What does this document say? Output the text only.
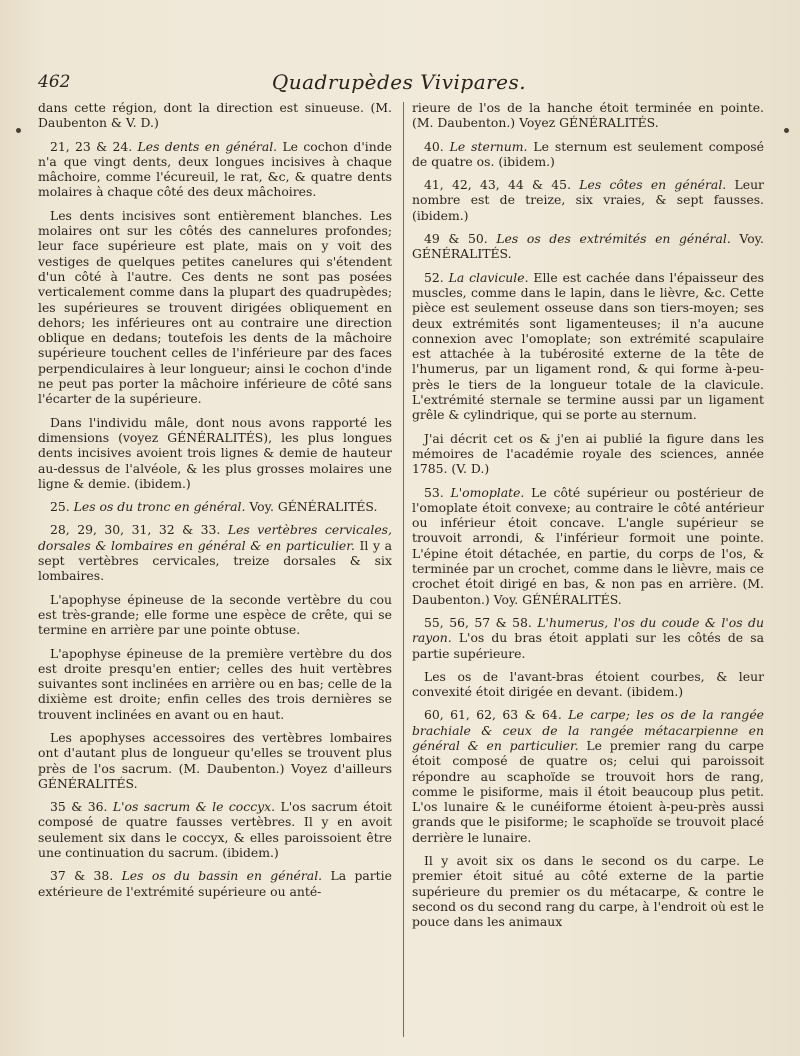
462	Quadrupèdes Vivipares.

dans cette région, dont la direction est sinueuse. (M. Daubenton & V. D.)

21, 23 & 24. Les dents en général. Le cochon d'inde n'a que vingt dents, deux longues incisives à chaque mâchoire, comme l'écureuil, le rat, &c, & quatre dents molaires à chaque côté des deux mâchoires.

Les dents incisives sont entièrement blanches. Les molaires ont sur les côtés des cannelures profondes; leur face supérieure est plate, mais on y voit des vestiges de quelques petites canelures qui s'étendent d'un côté à l'autre. Ces dents ne sont pas posées verticalement comme dans la plupart des quadrupèdes; les supérieures se trouvent dirigées obliquement en dehors; les inférieures ont au contraire une direction oblique en dedans; toutefois les dents de la mâchoire supérieure touchent celles de l'inférieure par des faces perpendiculaires à leur longueur; ainsi le cochon d'inde ne peut pas porter la mâchoire inférieure de côté sans l'écarter de la supérieure.

Dans l'individu mâle, dont nous avons rapporté les dimensions (voyez GÉNÉRALITÉS), les plus longues dents incisives avoient trois lignes & demie de hauteur au-dessus de l'alvéole, & les plus grosses molaires une ligne & demie. (ibidem.)

25. Les os du tronc en général. Voy. GÉNÉRALITÉS.

28, 29, 30, 31, 32 & 33. Les vertèbres cervicales, dorsales & lombaires en général & en particulier. Il y a sept vertèbres cervicales, treize dorsales & six lombaires.

L'apophyse épineuse de la seconde vertèbre du cou est très-grande; elle forme une espèce de crête, qui se termine en arrière par une pointe obtuse.

L'apophyse épineuse de la première vertèbre du dos est droite presqu'en entier; celles des huit vertèbres suivantes sont inclinées en arrière ou en bas; celle de la dixième est droite; enfin celles des trois dernières se trouvent inclinées en avant ou en haut.

Les apophyses accessoires des vertèbres lombaires ont d'autant plus de longueur qu'elles se trouvent plus près de l'os sacrum. (M. Daubenton.) Voyez d'ailleurs GÉNÉRALITÉS.

35 & 36. L'os sacrum & le coccyx. L'os sacrum étoit composé de quatre fausses vertèbres. Il y en avoit seulement six dans le coccyx, & elles paroissoient être une continuation du sacrum. (ibidem.)

37 & 38. Les os du bassin en général. La partie extérieure de l'extrémité supérieure ou anté-

rieure de l'os de la hanche étoit terminée en pointe. (M. Daubenton.) Voyez GÉNÉRALITÉS.

40. Le sternum. Le sternum est seulement composé de quatre os. (ibidem.)

41, 42, 43, 44 & 45. Les côtes en général. Leur nombre est de treize, six vraies, & sept fausses. (ibidem.)

49 & 50. Les os des extrémités en général. Voy. GÉNÉRALITÉS.

52. La clavicule. Elle est cachée dans l'épaisseur des muscles, comme dans le lapin, dans le lièvre, &c. Cette pièce est seulement osseuse dans son tiers-moyen; ses deux extrémités sont ligamenteuses; il n'a aucune connexion avec l'omoplate; son extrémité scapulaire est attachée à la tubérosité externe de la tête de l'humerus, par un ligament rond, & qui forme à-peu-près le tiers de la longueur totale de la clavicule. L'extrémité sternale se termine aussi par un ligament grêle & cylindrique, qui se porte au sternum.

J'ai décrit cet os & j'en ai publié la figure dans les mémoires de l'académie royale des sciences, année 1785. (V. D.)

53. L'omoplate. Le côté supérieur ou postérieur de l'omoplate étoit convexe; au contraire le côté antérieur ou inférieur étoit concave. L'angle supérieur se trouvoit arrondi, & l'inférieur formoit une pointe. L'épine étoit détachée, en partie, du corps de l'os, & terminée par un crochet, comme dans le lièvre, mais ce crochet étoit dirigé en bas, & non pas en arrière. (M. Daubenton.) Voy. GÉNÉRALITÉS.

55, 56, 57 & 58. L'humerus, l'os du coude & l'os du rayon. L'os du bras étoit applati sur les côtés de sa partie supérieure.

Les os de l'avant-bras étoient courbes, & leur convexité étoit dirigée en devant. (ibidem.)

60, 61, 62, 63 & 64. Le carpe; les os de la rangée brachiale & ceux de la rangée métacarpienne en général & en particulier. Le premier rang du carpe étoit composé de quatre os; celui qui paroissoit répondre au scaphoïde se trouvoit hors de rang, comme le pisiforme, mais il étoit beaucoup plus petit. L'os lunaire & le cunéiforme étoient à-peu-près aussi grands que le pisiforme; le scaphoïde se trouvoit placé derrière le lunaire.

Il y avoit six os dans le second os du carpe. Le premier étoit situé au côté externe de la partie supérieure du premier os du métacarpe, & contre le second os du second rang du carpe, à l'endroit où est le pouce dans les animaux
